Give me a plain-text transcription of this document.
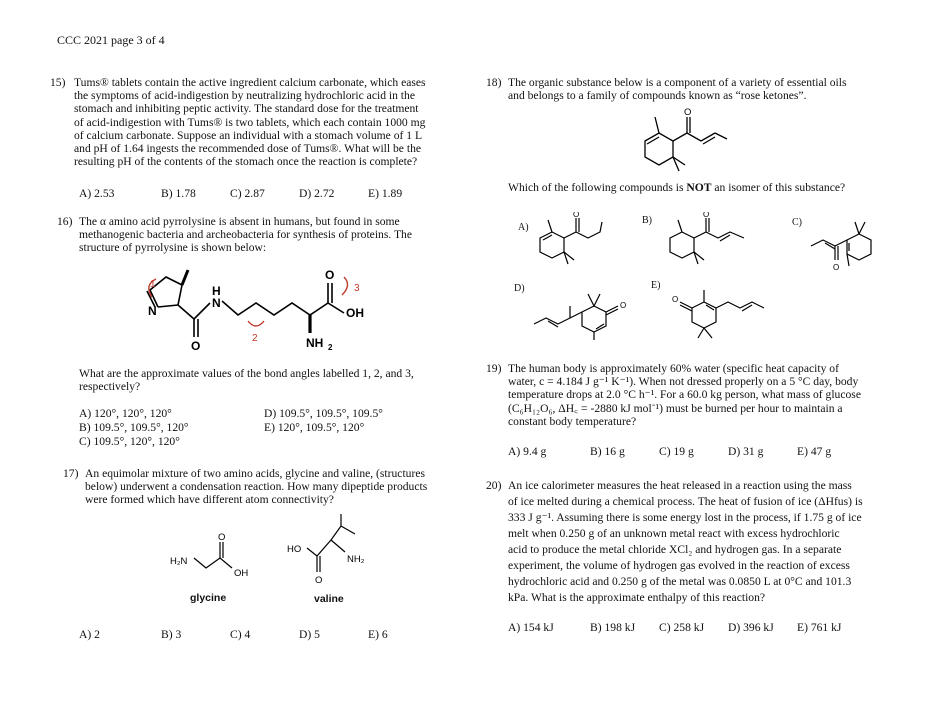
CCC 2021 page 3 of 4
15) Tums® tablets contain the active ingredient calcium carbonate, which eases
the symptoms of acid-indigestion by neutralizing hydrochloric acid in the
stomach and inhibiting peptic activity. The standard dose for the treatment
of acid-indigestion with Tums® is two tablets, which each contain 1000 mg
of calcium carbonate. Suppose an individual with a stomach volume of 1 L
and pH of 1.64 ingests the recommended dose of Tums®. What will be the
resulting pH of the contents of the stomach once the reaction is complete?
A) 2.53	B) 1.78	C) 2.87	D) 2.72	E) 1.89
16) The α amino acid pyrrolysine is absent in humans, but found in some
methanogenic bacteria and archeobacteria for synthesis of proteins. The
structure of pyrrolysine is shown below:
N
N
H
O
O
OH
NH 2
1
2
3
What are the approximate values of the bond angles labelled 1, 2, and 3,
respectively?
A) 120°, 120°, 120°
B) 109.5°, 109.5°, 120°
C) 109.5°, 120°, 120°
D) 109.5°, 109.5°, 109.5°
E) 120°, 109.5°, 120°
17) An equimolar mixture of two amino acids, glycine and valine, (structures
below) underwent a condensation reaction. How many dipeptide products
were formed which have different atom connectivity?
H₂N
O
OH
glycine
HO
NH₂
O
valine
A) 2	B) 3	C) 4	D) 5	E) 6
18) The organic substance below is a component of a variety of essential oils
and belongs to a family of compounds known as “rose ketones”.
O
Which of the following compounds is NOT an isomer of this substance?
A)
O
B)
O
C)
O
D)
O
E)
O
19) The human body is approximately 60% water (specific heat capacity of
water, c = 4.184 J g⁻¹ K⁻¹). When not dressed properly on a 5 °C day, body
temperature drops at 2.0 °C h⁻¹. For a 60.0 kg person, what mass of glucose
(C₆H₁₂O₆, ΔH꜀ = -2880 kJ mol⁻¹) must be burned per hour to maintain a
constant body temperature?
A) 9.4 g	B) 16 g	C) 19 g	D) 31 g	E) 47 g
20) An ice calorimeter measures the heat released in a reaction using the mass
of ice melted during a chemical process. The heat of fusion of ice (ΔHfus) is
333 J g⁻¹. Assuming there is some energy lost in the process, if 1.75 g of ice
melt when 0.250 g of an unknown metal react with excess hydrochloric
acid to produce the metal chloride XCl₂ and hydrogen gas. In a separate
experiment, the volume of hydrogen gas evolved in the reaction of excess
hydrochloric acid and 0.250 g of the metal was 0.0850 L at 0°C and 101.3
kPa. What is the approximate enthalpy of this reaction?
A) 154 kJ	B) 198 kJ C) 258 kJ D) 396 kJ E) 761 kJ
